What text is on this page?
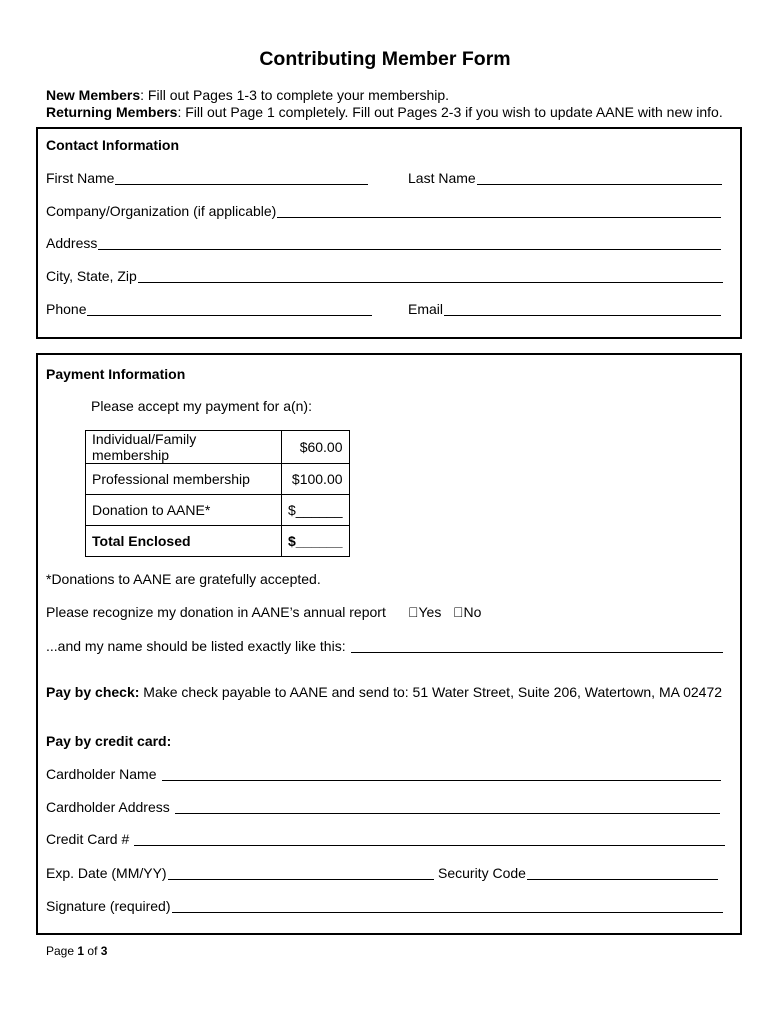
Contributing Member Form
New Members: Fill out Pages 1-3 to complete your membership.
Returning Members: Fill out Page 1 completely. Fill out Pages 2-3 if you wish to update AANE with new info.
Contact Information
First Name	Last Name
Company/Organization (if applicable)
Address
City, State, Zip
Phone	Email
Payment Information
Please accept my payment for a(n):
Individual/Family membership	$60.00
Professional membership	$100.00
Donation to AANE*	$______
Total Enclosed	$______
*Donations to AANE are gratefully accepted.
Please recognize my donation in AANE’s annual report Yes No
...and my name should be listed exactly like this:
Pay by check: Make check payable to AANE and send to: 51 Water Street, Suite 206, Watertown, MA 02472
Pay by credit card:
Cardholder Name
Cardholder Address
Credit Card #
Exp. Date (MM/YY)	Security Code
Signature (required)
Page 1 of 3
